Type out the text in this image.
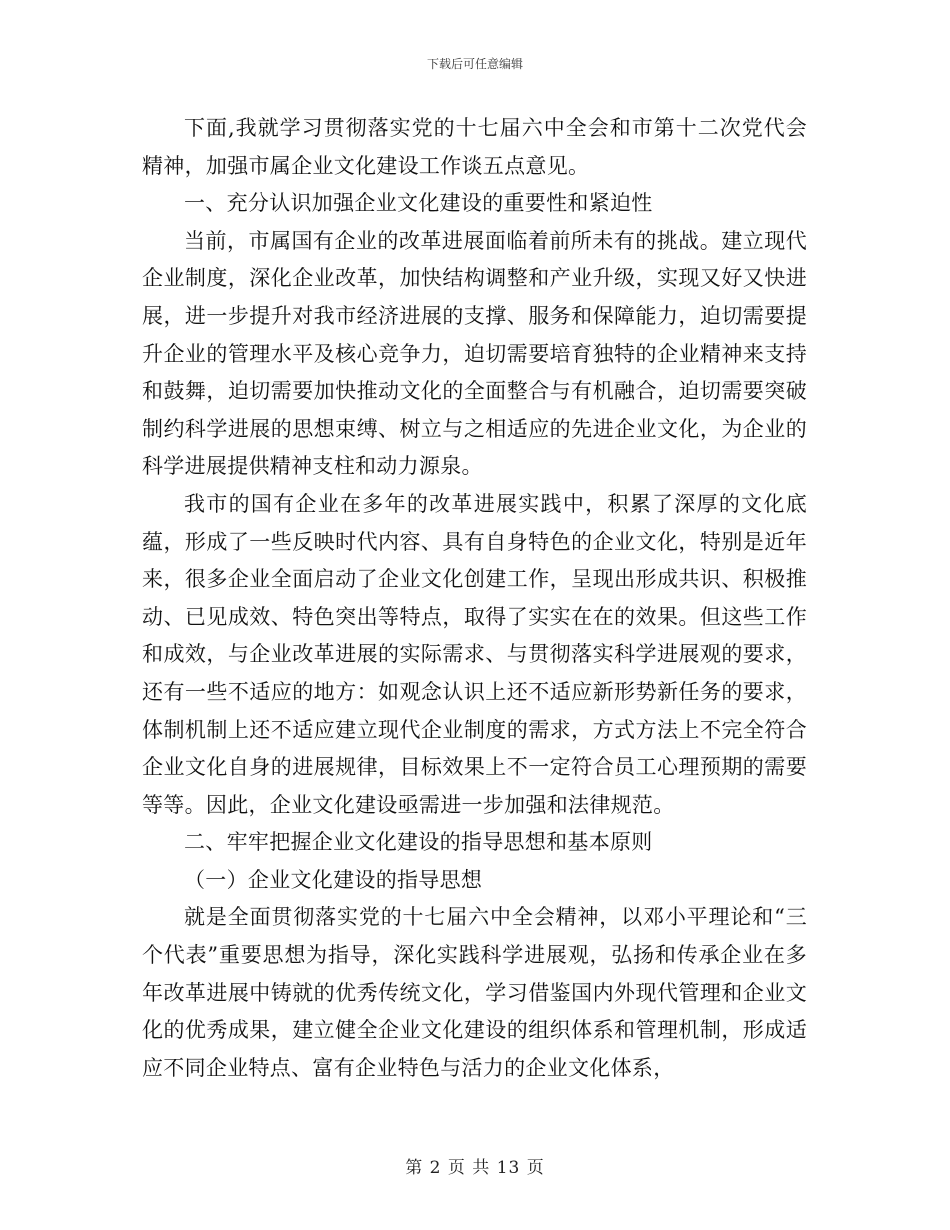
下载后可任意编辑

下面,我就学习贯彻落实党的十七届六中全会和市第十二次党代会精神，加强市属企业文化建设工作谈五点意见。

一、充分认识加强企业文化建设的重要性和紧迫性

当前，市属国有企业的改革进展面临着前所未有的挑战。建立现代企业制度，深化企业改革，加快结构调整和产业升级，实现又好又快进展，进一步提升对我市经济进展的支撑、服务和保障能力，迫切需要提升企业的管理水平及核心竞争力，迫切需要培育独特的企业精神来支持和鼓舞，迫切需要加快推动文化的全面整合与有机融合，迫切需要突破制约科学进展的思想束缚、树立与之相适应的先进企业文化，为企业的科学进展提供精神支柱和动力源泉。

我市的国有企业在多年的改革进展实践中，积累了深厚的文化底蕴，形成了一些反映时代内容、具有自身特色的企业文化，特别是近年来，很多企业全面启动了企业文化创建工作，呈现出形成共识、积极推动、已见成效、特色突出等特点，取得了实实在在的效果。但这些工作和成效，与企业改革进展的实际需求、与贯彻落实科学进展观的要求，还有一些不适应的地方：如观念认识上还不适应新形势新任务的要求，体制机制上还不适应建立现代企业制度的需求，方式方法上不完全符合企业文化自身的进展规律，目标效果上不一定符合员工心理预期的需要等等。因此，企业文化建设亟需进一步加强和法律规范。

二、牢牢把握企业文化建设的指导思想和基本原则

（一）企业文化建设的指导思想

就是全面贯彻落实党的十七届六中全会精神，以邓小平理论和“三个代表”重要思想为指导，深化实践科学进展观，弘扬和传承企业在多年改革进展中铸就的优秀传统文化，学习借鉴国内外现代管理和企业文化的优秀成果，建立健全企业文化建设的组织体系和管理机制，形成适应不同企业特点、富有企业特色与活力的企业文化体系，

第 2 页 共 13 页
